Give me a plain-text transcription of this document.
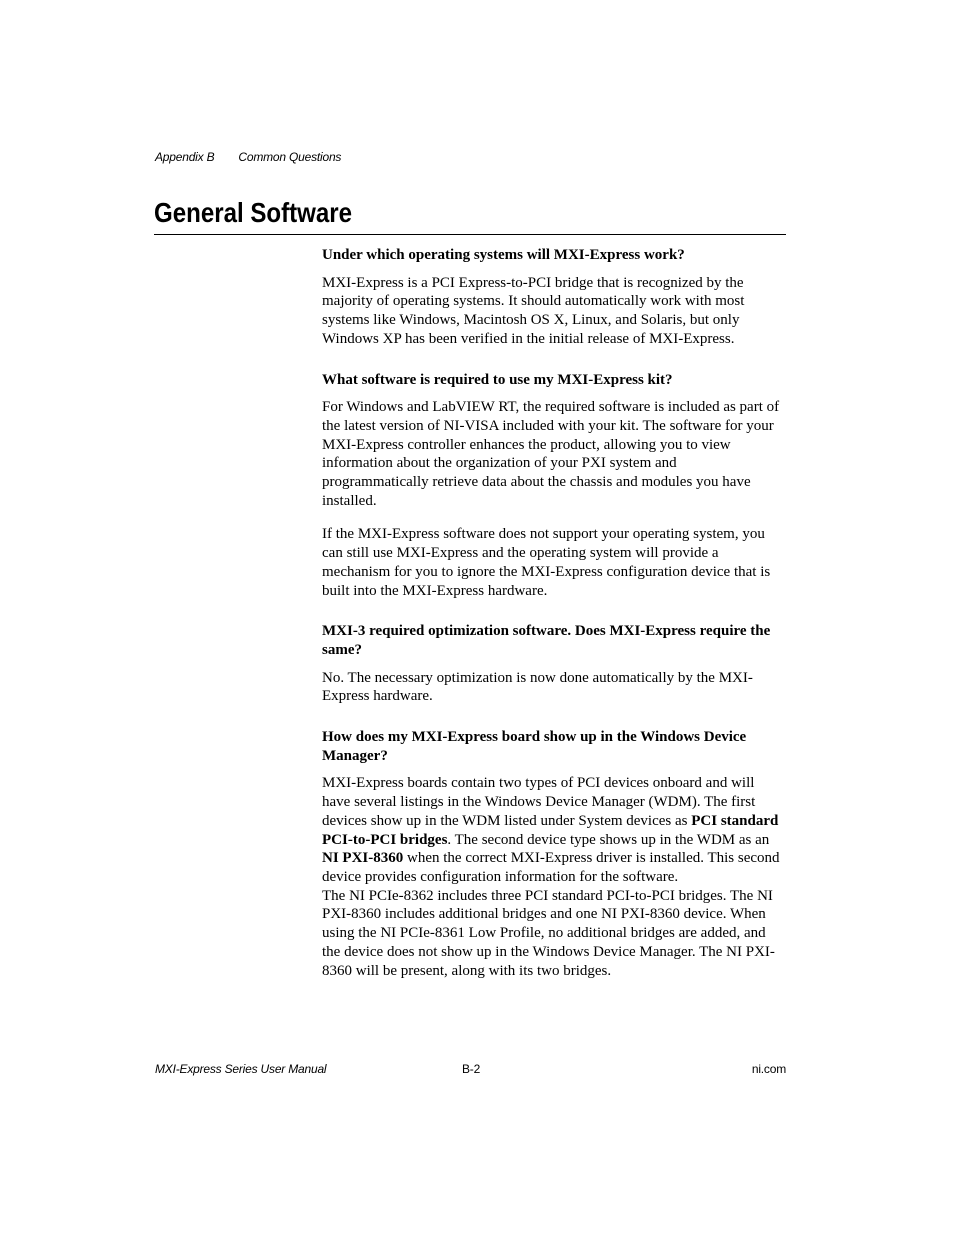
Appendix B Common Questions
General Software

Under which operating systems will MXI-Express work?

MXI-Express is a PCI Express-to-PCI bridge that is recognized by the majority of operating systems. It should automatically work with most systems like Windows, Macintosh OS X, Linux, and Solaris, but only Windows XP has been verified in the initial release of MXI-Express.

What software is required to use my MXI-Express kit?

For Windows and LabVIEW RT, the required software is included as part of the latest version of NI-VISA included with your kit. The software for your MXI-Express controller enhances the product, allowing you to view information about the organization of your PXI system and programmatically retrieve data about the chassis and modules you have installed.

If the MXI-Express software does not support your operating system, you can still use MXI-Express and the operating system will provide a mechanism for you to ignore the MXI-Express configuration device that is built into the MXI-Express hardware.

MXI-3 required optimization software. Does MXI-Express require the same?

No. The necessary optimization is now done automatically by the MXI-Express hardware.

How does my MXI-Express board show up in the Windows Device Manager?

MXI-Express boards contain two types of PCI devices onboard and will have several listings in the Windows Device Manager (WDM). The first devices show up in the WDM listed under System devices as PCI standard PCI-to-PCI bridges. The second device type shows up in the WDM as an NI PXI-8360 when the correct MXI-Express driver is installed. This second device provides configuration information for the software.
The NI PCIe-8362 includes three PCI standard PCI-to-PCI bridges. The NI PXI-8360 includes additional bridges and one NI PXI-8360 device. When using the NI PCIe-8361 Low Profile, no additional bridges are added, and the device does not show up in the Windows Device Manager. The NI PXI-8360 will be present, along with its two bridges.

MXI-Express Series User Manual	B-2	ni.com
